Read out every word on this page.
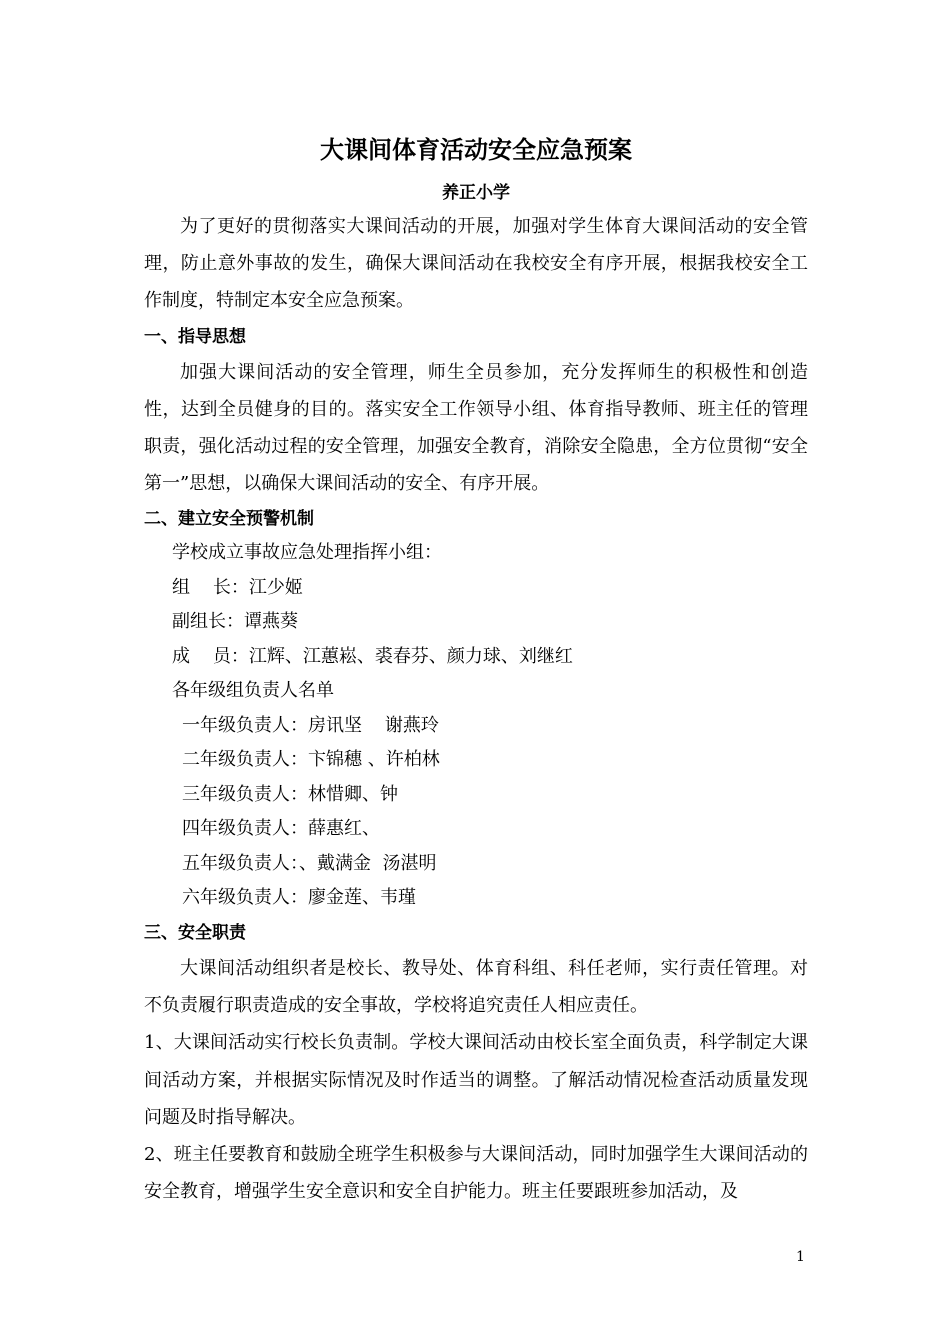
大课间体育活动安全应急预案

养正小学

为了更好的贯彻落实大课间活动的开展，加强对学生体育大课间活动的安全管理，防止意外事故的发生，确保大课间活动在我校安全有序开展，根据我校安全工作制度，特制定本安全应急预案。

一、指导思想

加强大课间活动的安全管理，师生全员参加，充分发挥师生的积极性和创造性，达到全员健身的目的。落实安全工作领导小组、体育指导教师、班主任的管理职责，强化活动过程的安全管理，加强安全教育，消除安全隐患，全方位贯彻“安全第一”思想，以确保大课间活动的安全、有序开展。

二、建立安全预警机制

学校成立事故应急处理指挥小组：

组    长：江少姬

副组长：谭燕葵

成    员：江辉、江蕙崧、裘春芬、颜力球、刘继红

各年级组负责人名单

一年级负责人：房讯坚    谢燕玲

二年级负责人：卞锦穗 、许柏林

三年级负责人：林惜卿、钟

四年级负责人：薛惠红、

五年级负责人：、戴满金  汤湛明

六年级负责人：廖金莲、韦瑾

三、安全职责

大课间活动组织者是校长、教导处、体育科组、科任老师，实行责任管理。对不负责履行职责造成的安全事故，学校将追究责任人相应责任。

1、大课间活动实行校长负责制。学校大课间活动由校长室全面负责，科学制定大课间活动方案，并根据实际情况及时作适当的调整。了解活动情况检查活动质量发现问题及时指导解决。

2、班主任要教育和鼓励全班学生积极参与大课间活动，同时加强学生大课间活动的安全教育，增强学生安全意识和安全自护能力。班主任要跟班参加活动，及

1
